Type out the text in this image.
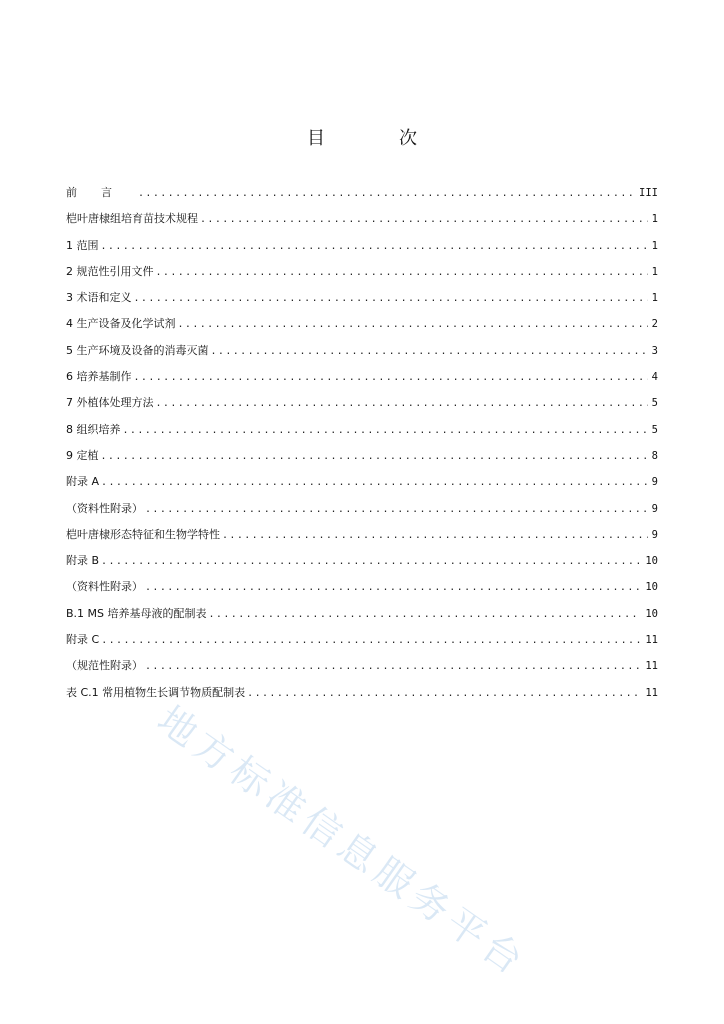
目　次
前言 .....	III
桤叶唐棣组培育苗技术规程 .....	1
1 范围 .....	1
2 规范性引用文件 .....	1
3 术语和定义 .....	1
4 生产设备及化学试剂 .....	2
5 生产环境及设备的消毒灭菌 .....	3
6 培养基制作 .....	4
7 外植体处理方法 .....	5
8 组织培养 .....	5
9 定植 .....	8
附录 A .....	9
（资料性附录） .....	9
桤叶唐棣形态特征和生物学特性 .....	9
附录 B .....	10
（资料性附录） .....	10
B.1 MS 培养基母液的配制表 .....	10
附录 C .....	11
（规范性附录） .....	11
表 C.1 常用植物生长调节物质配制表 .....	11
地方标准信息服务平台
